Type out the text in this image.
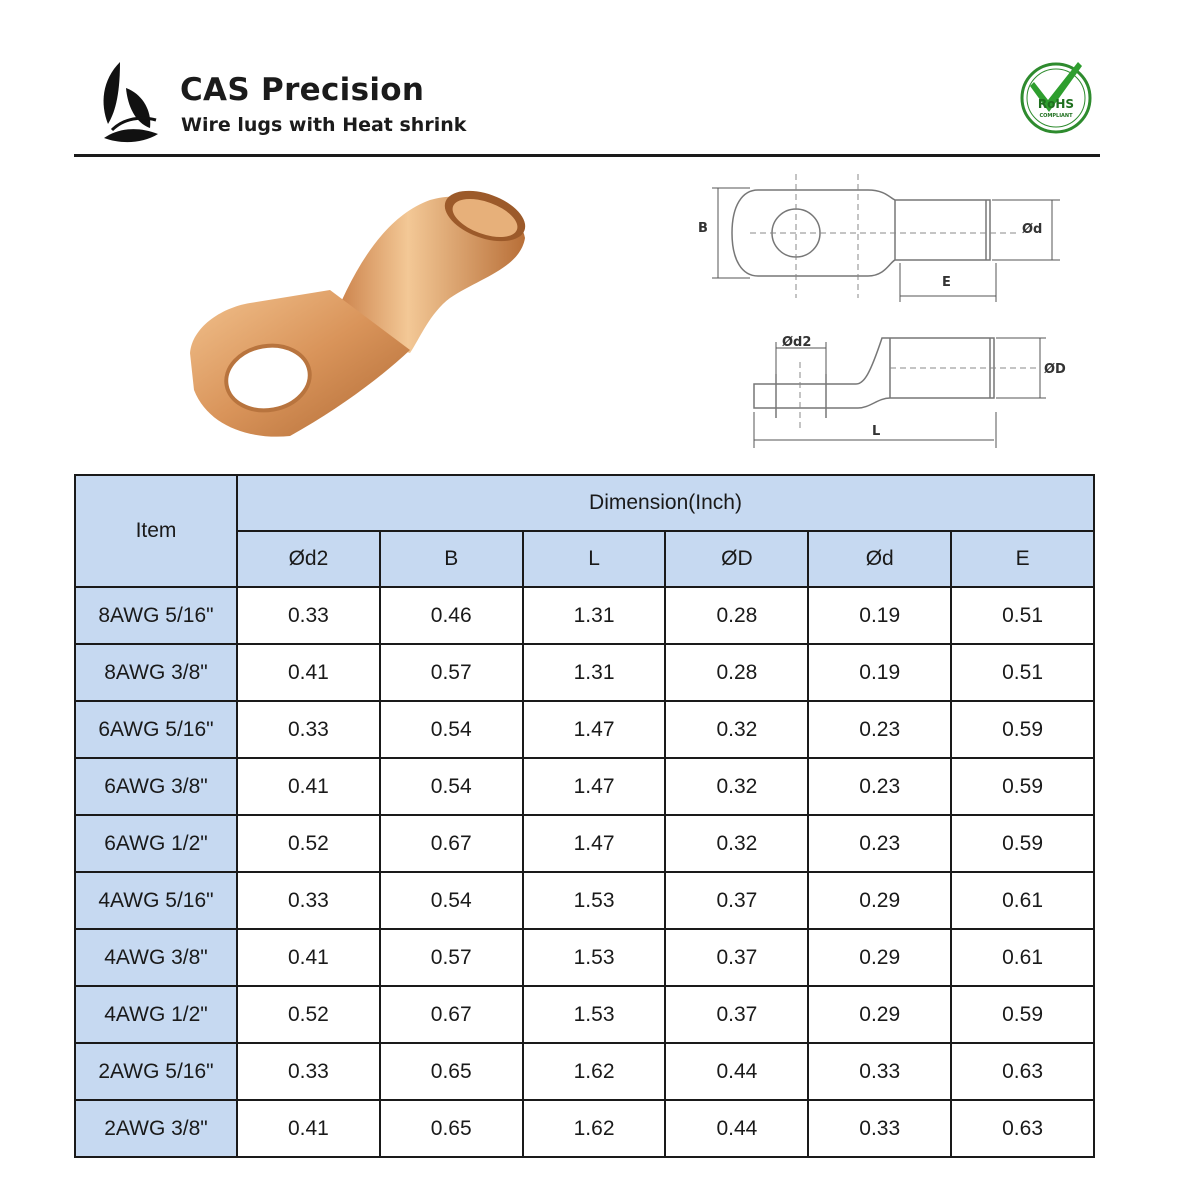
CAS Precision
Wire lugs with Heat shrink
RoHS
COMPLIANT
B	Ød
E
Ød2
ØD
L
Item	Dimension(Inch)					
	Ød2	B	L	ØD	Ød	E
8AWG 5/16"	0.33	0.46	1.31	0.28	0.19	0.51
8AWG 3/8"	0.41	0.57	1.31	0.28	0.19	0.51
6AWG 5/16"	0.33	0.54	1.47	0.32	0.23	0.59
6AWG 3/8"	0.41	0.54	1.47	0.32	0.23	0.59
6AWG 1/2"	0.52	0.67	1.47	0.32	0.23	0.59
4AWG 5/16"	0.33	0.54	1.53	0.37	0.29	0.61
4AWG 3/8"	0.41	0.57	1.53	0.37	0.29	0.61
4AWG 1/2"	0.52	0.67	1.53	0.37	0.29	0.59
2AWG 5/16"	0.33	0.65	1.62	0.44	0.33	0.63
2AWG 3/8"	0.41	0.65	1.62	0.44	0.33	0.63
